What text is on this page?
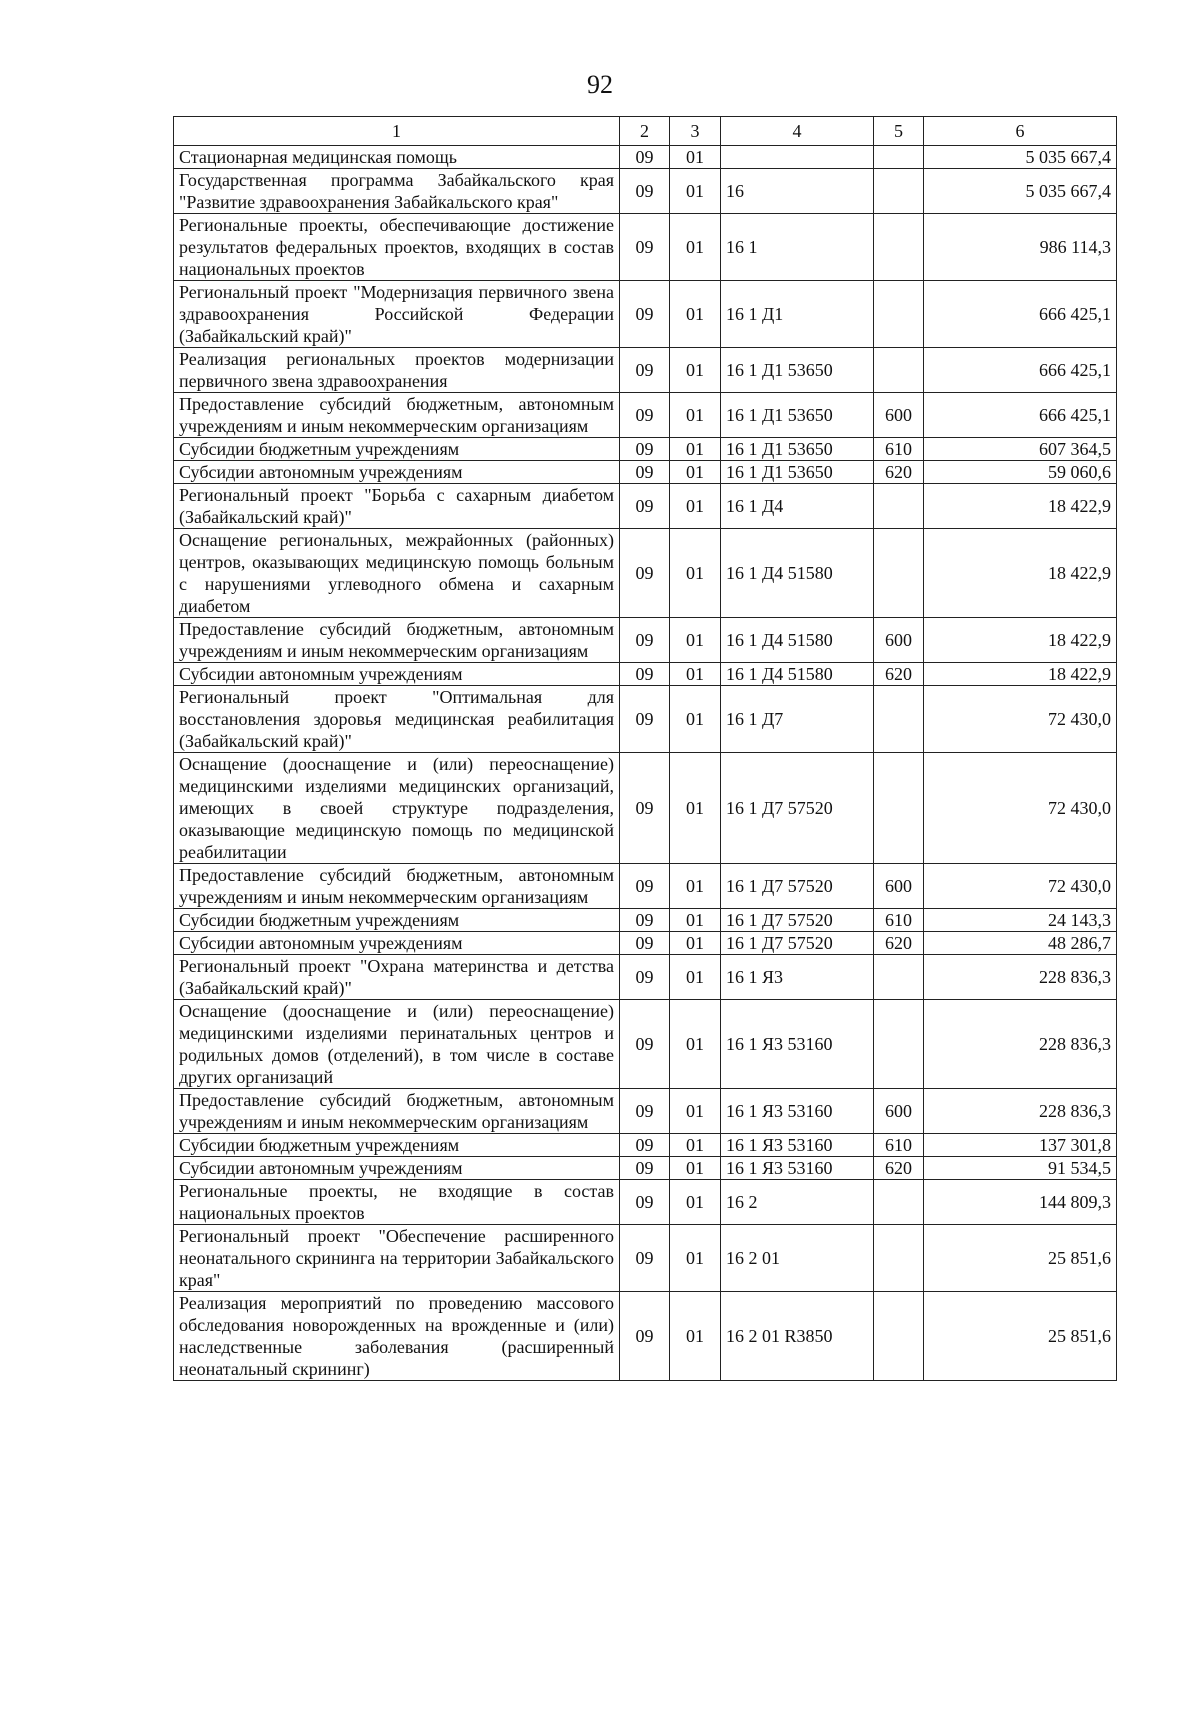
92
1	2	3	4	5	6
Стационарная медицинская помощь	09	01			5 035 667,4
Государственная программа Забайкальского края "Развитие здравоохранения Забайкальского края"	09	01	16		5 035 667,4
Региональные проекты, обеспечивающие достижение результатов федеральных проектов, входящих в состав национальных проектов	09	01	16 1		986 114,3
Региональный проект "Модернизация первичного звена здравоохранения Российской Федерации (Забайкальский край)"	09	01	16 1 Д1		666 425,1
Реализация региональных проектов модернизации первичного звена здравоохранения	09	01	16 1 Д1 53650		666 425,1
Предоставление субсидий бюджетным, автономным учреждениям и иным некоммерческим организациям	09	01	16 1 Д1 53650	600	666 425,1
Субсидии бюджетным учреждениям	09	01	16 1 Д1 53650	610	607 364,5
Субсидии автономным учреждениям	09	01	16 1 Д1 53650	620	59 060,6
Региональный проект "Борьба с сахарным диабетом (Забайкальский край)"	09	01	16 1 Д4		18 422,9
Оснащение региональных, межрайонных (районных) центров, оказывающих медицинскую помощь больным с нарушениями углеводного обмена и сахарным диабетом	09	01	16 1 Д4 51580		18 422,9
Предоставление субсидий бюджетным, автономным учреждениям и иным некоммерческим организациям	09	01	16 1 Д4 51580	600	18 422,9
Субсидии автономным учреждениям	09	01	16 1 Д4 51580	620	18 422,9
Региональный проект "Оптимальная для восстановления здоровья медицинская реабилитация (Забайкальский край)"	09	01	16 1 Д7		72 430,0
Оснащение (дооснащение и (или) переоснащение) медицинскими изделиями медицинских организаций, имеющих в своей структуре подразделения, оказывающие медицинскую помощь по медицинской реабилитации	09	01	16 1 Д7 57520		72 430,0
Предоставление субсидий бюджетным, автономным учреждениям и иным некоммерческим организациям	09	01	16 1 Д7 57520	600	72 430,0
Субсидии бюджетным учреждениям	09	01	16 1 Д7 57520	610	24 143,3
Субсидии автономным учреждениям	09	01	16 1 Д7 57520	620	48 286,7
Региональный проект "Охрана материнства и детства (Забайкальский край)"	09	01	16 1 Я3		228 836,3
Оснащение (дооснащение и (или) переоснащение) медицинскими изделиями перинатальных центров и родильных домов (отделений), в том числе в составе других организаций	09	01	16 1 Я3 53160		228 836,3
Предоставление субсидий бюджетным, автономным учреждениям и иным некоммерческим организациям	09	01	16 1 Я3 53160	600	228 836,3
Субсидии бюджетным учреждениям	09	01	16 1 Я3 53160	610	137 301,8
Субсидии автономным учреждениям	09	01	16 1 Я3 53160	620	91 534,5
Региональные проекты, не входящие в состав национальных проектов	09	01	16 2		144 809,3
Региональный проект "Обеспечение расширенного неонатального скрининга на территории Забайкальского края"	09	01	16 2 01		25 851,6
Реализация мероприятий по проведению массового обследования новорожденных на врожденные и (или) наследственные заболевания (расширенный неонатальный скрининг)	09	01	16 2 01 R3850		25 851,6
